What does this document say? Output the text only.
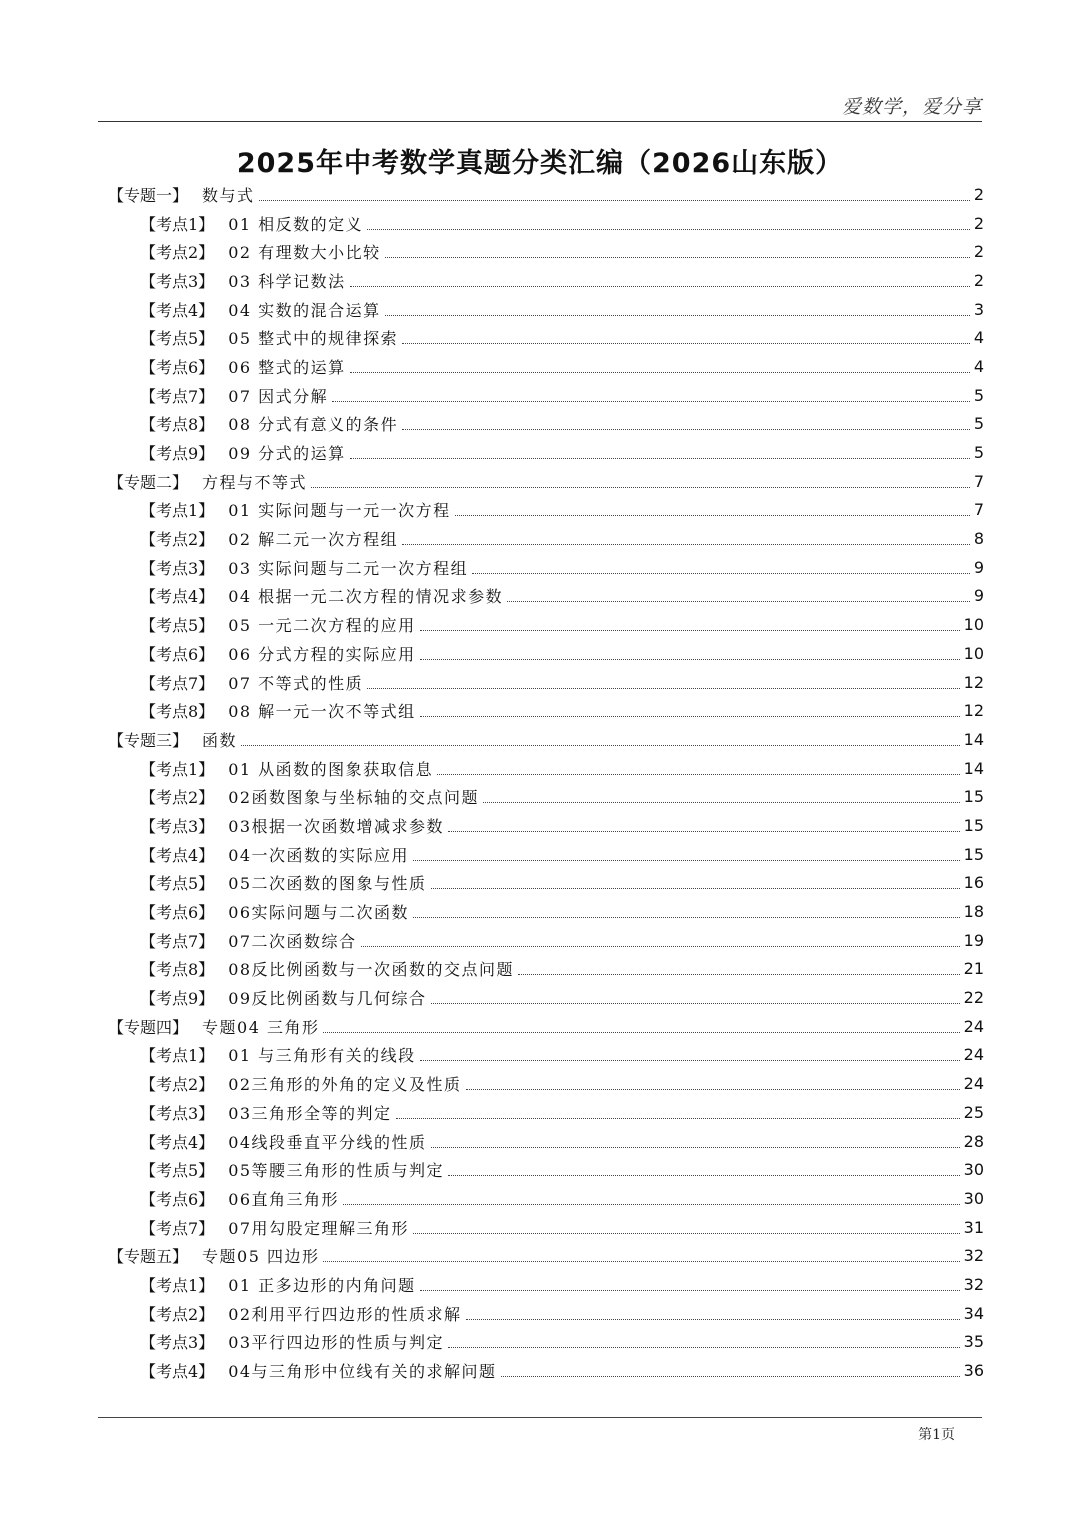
爱数学，爱分享
2025年中考数学真题分类汇编（2026山东版）
【专题一】 数与式	2
【考点1】 01 相反数的定义	2
【考点2】 02 有理数大小比较	2
【考点3】 03 科学记数法	2
【考点4】 04 实数的混合运算	3
【考点5】 05 整式中的规律探索	4
【考点6】 06 整式的运算	4
【考点7】 07 因式分解	5
【考点8】 08 分式有意义的条件	5
【考点9】 09 分式的运算	5
【专题二】 方程与不等式	7
【考点1】 01 实际问题与一元一次方程	7
【考点2】 02 解二元一次方程组	8
【考点3】 03 实际问题与二元一次方程组	9
【考点4】 04 根据一元二次方程的情况求参数	9
【考点5】 05 一元二次方程的应用	10
【考点6】 06 分式方程的实际应用	10
【考点7】 07 不等式的性质	12
【考点8】 08 解一元一次不等式组	12
【专题三】 函数	14
【考点1】 01 从函数的图象获取信息	14
【考点2】 02函数图象与坐标轴的交点问题	15
【考点3】 03根据一次函数增减求参数	15
【考点4】 04一次函数的实际应用	15
【考点5】 05二次函数的图象与性质	16
【考点6】 06实际问题与二次函数	18
【考点7】 07二次函数综合	19
【考点8】 08反比例函数与一次函数的交点问题	21
【考点9】 09反比例函数与几何综合	22
【专题四】 专题04 三角形	24
【考点1】 01 与三角形有关的线段	24
【考点2】 02三角形的外角的定义及性质	24
【考点3】 03三角形全等的判定	25
【考点4】 04线段垂直平分线的性质	28
【考点5】 05等腰三角形的性质与判定	30
【考点6】 06直角三角形	30
【考点7】 07用勾股定理解三角形	31
【专题五】 专题05 四边形	32
【考点1】 01 正多边形的内角问题	32
【考点2】 02利用平行四边形的性质求解	34
【考点3】 03平行四边形的性质与判定	35
【考点4】 04与三角形中位线有关的求解问题	36
第1页
